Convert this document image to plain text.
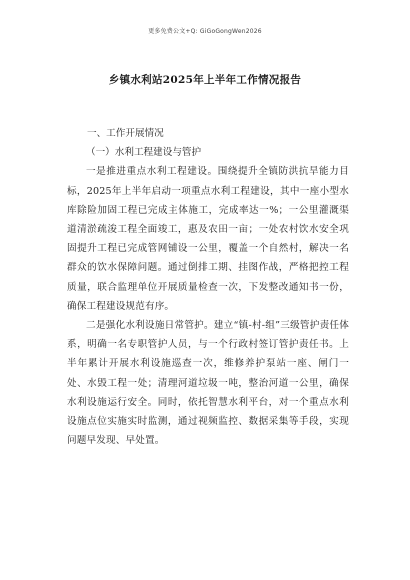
更多免费公文+Q: GiGoGongWen2026
乡镇水利站2025年上半年工作情况报告

一、工作开展情况

（一）水利工程建设与管护

一是推进重点水利工程建设。围绕提升全镇防洪抗旱能力目标，2025年上半年启动一项重点水利工程建设，其中一座小型水库除险加固工程已完成主体施工，完成率达一%；一公里灌溉渠道清淤疏浚工程全面竣工，惠及农田一亩；一处农村饮水安全巩固提升工程已完成管网铺设一公里，覆盖一个自然村，解决一名群众的饮水保障问题。通过倒排工期、挂图作战，严格把控工程质量，联合监理单位开展质量检查一次，下发整改通知书一份，确保工程建设规范有序。

二是强化水利设施日常管护。建立“镇-村-组”三级管护责任体系，明确一名专职管护人员，与一个行政村签订管护责任书。上半年累计开展水利设施巡查一次，维修养护泵站一座、闸门一处、水毁工程一处；清理河道垃圾一吨，整治河道一公里，确保水利设施运行安全。同时，依托智慧水利平台，对一个重点水利设施点位实施实时监测，通过视频监控、数据采集等手段，实现问题早发现、早处置。
